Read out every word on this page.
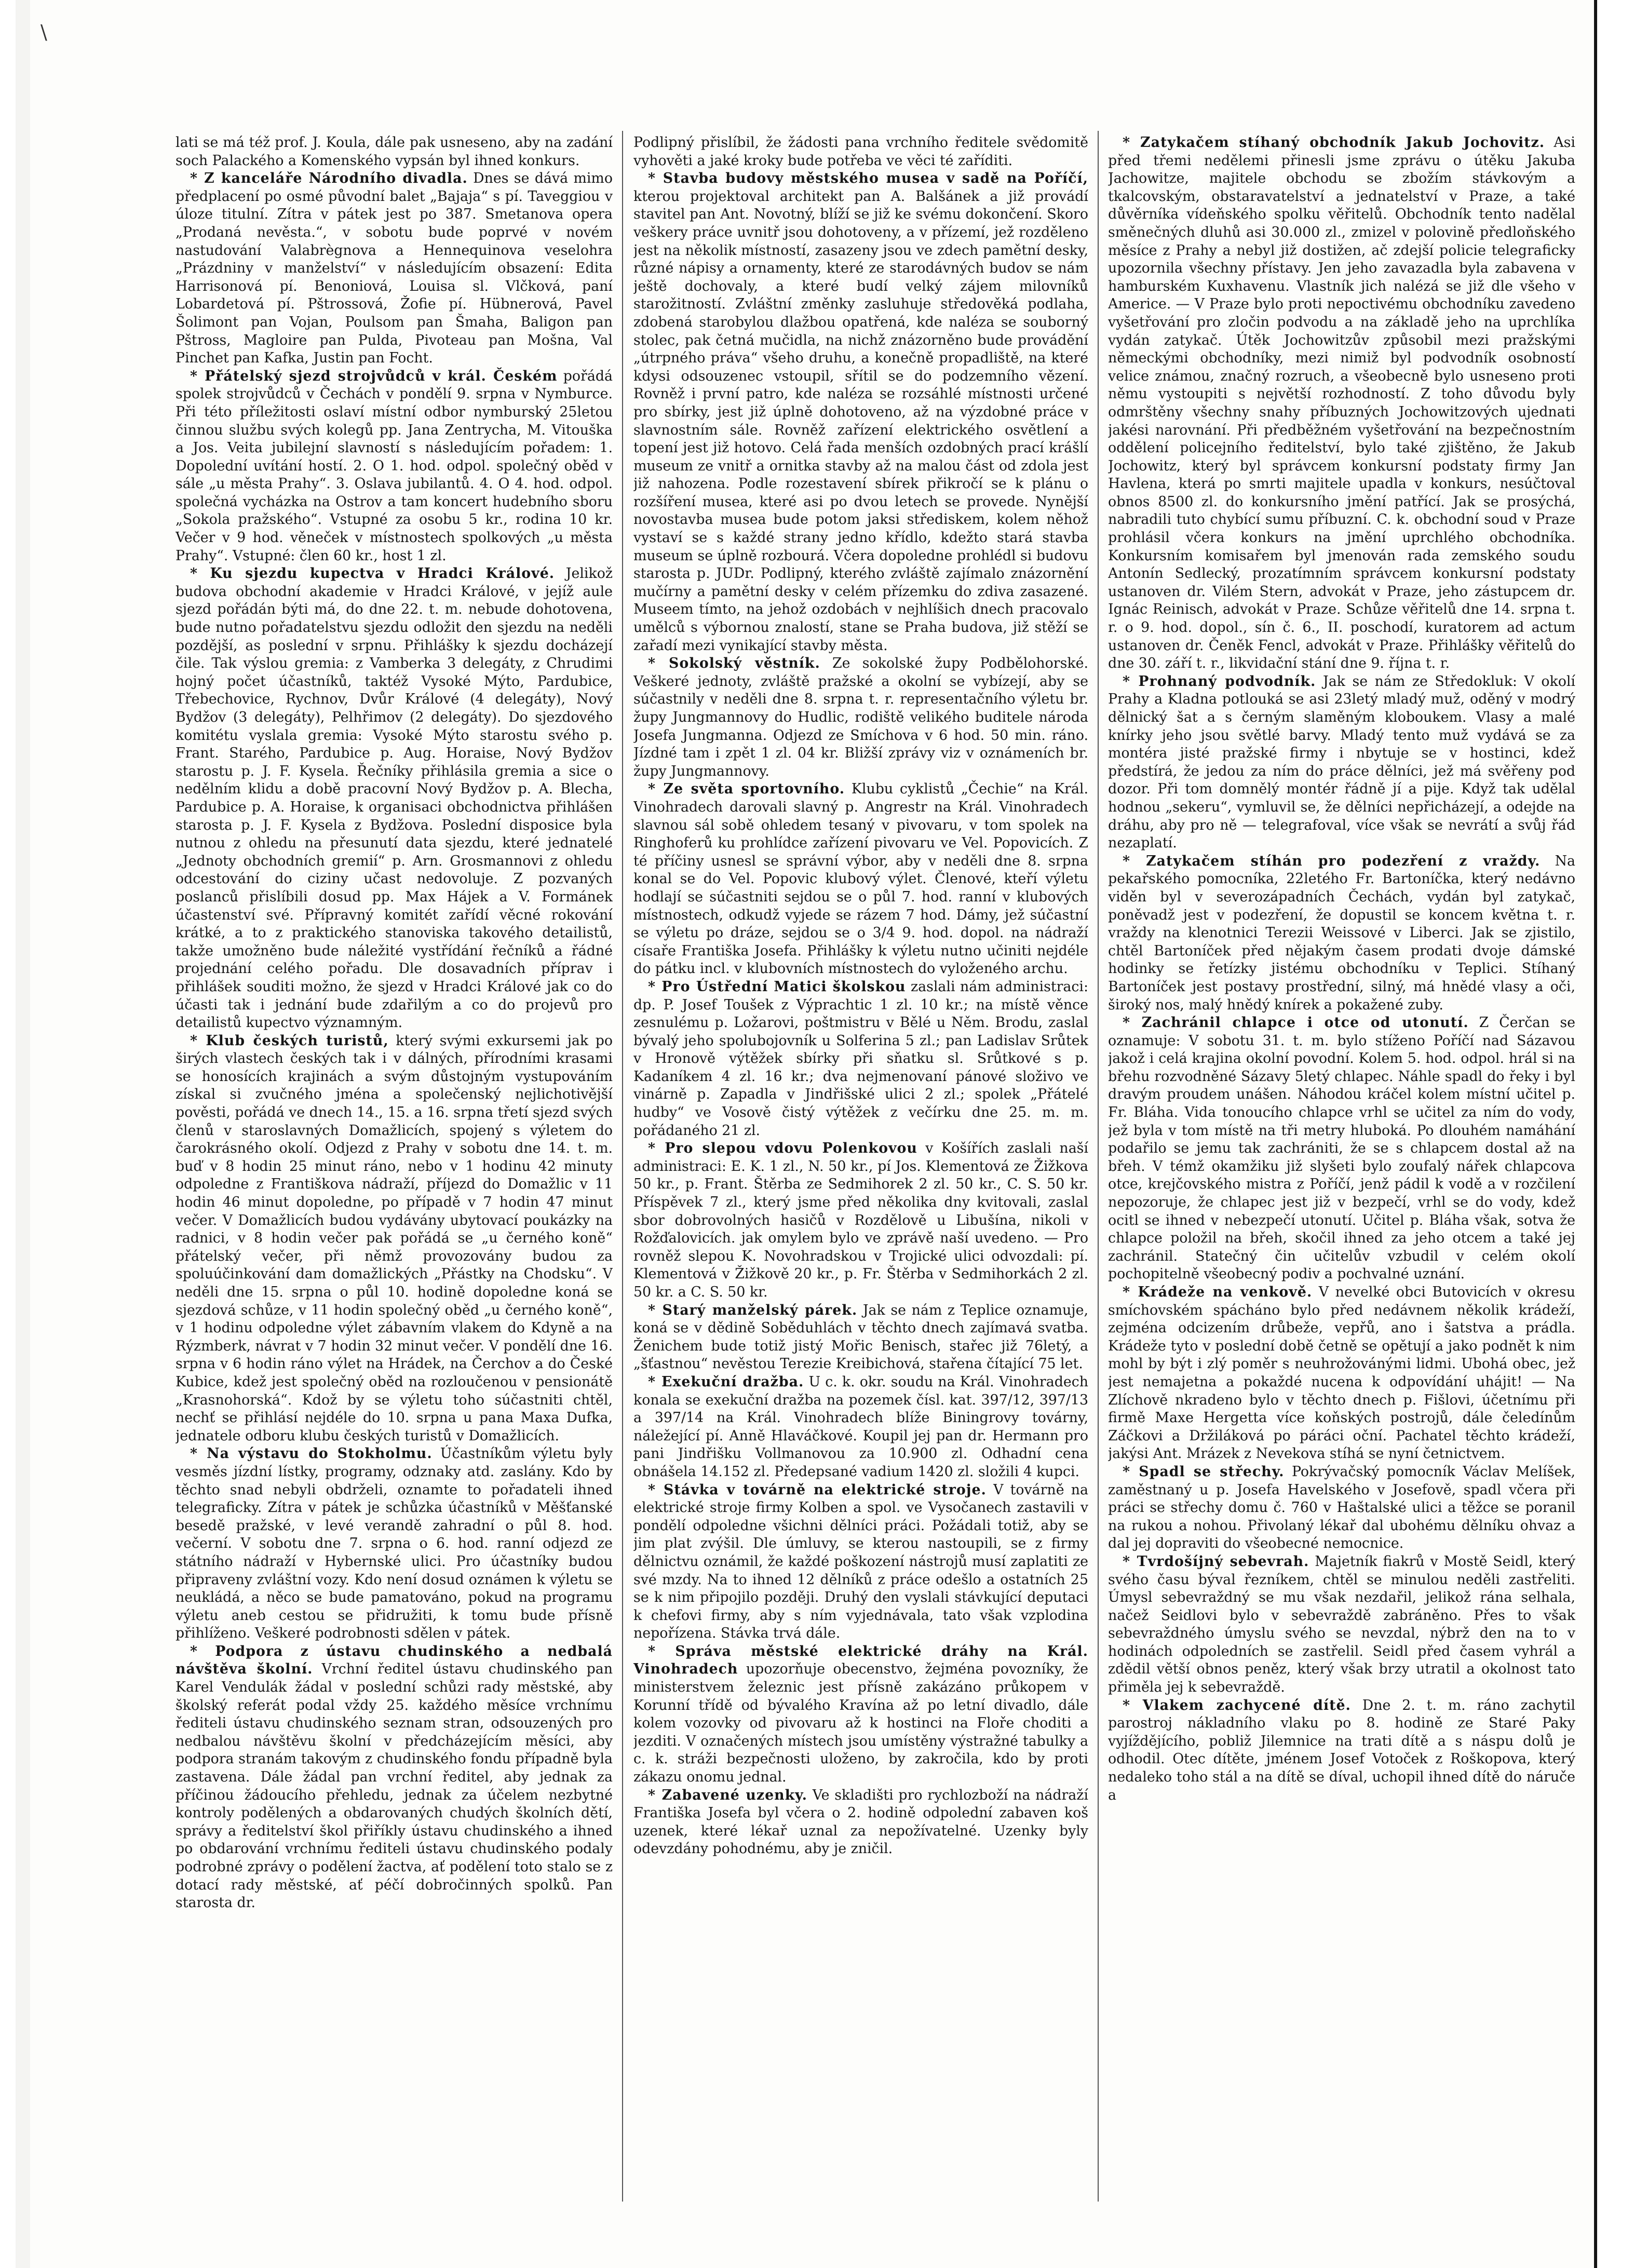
\

lati se má též prof. J. Koula, dále pak usneseno, aby na zadání soch Palackého a Komenského vypsán byl ihned konkurs.

* Z kanceláře Národního divadla. Dnes se dává mimo předplacení po osmé původní balet „Bajaja“ s pí. Taveggiou v úloze titulní. Zítra v pátek jest po 387. Smetanova opera „Prodaná nevěsta.“, v sobotu bude poprvé v novém nastudování Valabrègnova a Hennequinova veselohra „Prázdniny v manželství“ v následujícím obsazení: Edita Harrisonová pí. Benoniová, Louisa sl. Vlčková, paní Lobardetová pí. Pštrossová, Žofie pí. Hübnerová, Pavel Šolimont pan Vojan, Poulsom pan Šmaha, Baligon pan Pštross, Magloire pan Pulda, Pivoteau pan Mošna, Val Pinchet pan Kafka, Justin pan Focht.

* Přátelský sjezd strojvůdců v král. Českém pořádá spolek strojvůdců v Čechách v pondělí 9. srpna v Nymburce. Při této příležitosti oslaví místní odbor nymburský 25letou činnou službu svých kolegů pp. Jana Zentrycha, M. Vitouška a Jos. Veita jubilejní slavností s následujícím pořadem: 1. Dopolední uvítání hostí. 2. O 1. hod. odpol. společný oběd v sále „u města Prahy“. 3. Oslava jubilantů. 4. O 4. hod. odpol. společná vycházka na Ostrov a tam koncert hudebního sboru „Sokola pražského“. Vstupné za osobu 5 kr., rodina 10 kr. Večer v 9 hod. věneček v místnostech spolkových „u města Prahy“. Vstupné: člen 60 kr., host 1 zl.

* Ku sjezdu kupectva v Hradci Králové. Jelikož budova obchodní akademie v Hradci Králové, v jejíž aule sjezd pořádán býti má, do dne 22. t. m. nebude dohotovena, bude nutno pořadatelstvu sjezdu odložit den sjezdu na neděli pozdější, as poslední v srpnu. Přihlášky k sjezdu docházejí čile. Tak výslou gremia: z Vamberka 3 delegáty, z Chrudimi hojný počet účastníků, taktéž Vysoké Mýto, Pardubice, Třebechovice, Rychnov, Dvůr Králové (4 delegáty), Nový Bydžov (3 delegáty), Pelhřimov (2 delegáty). Do sjezdového komitétu vyslala gremia: Vysoké Mýto starostu svého p. Frant. Starého, Pardubice p. Aug. Horaise, Nový Bydžov starostu p. J. F. Kysela. Řečníky přihlásila gremia a sice o nedělním klidu a době pracovní Nový Bydžov p. A. Blecha, Pardubice p. A. Horaise, k organisaci obchodnictva přihlášen starosta p. J. F. Kysela z Bydžova. Poslední disposice byla nutnou z ohledu na přesunutí data sjezdu, které jednatelé „Jednoty obchodních gremií“ p. Arn. Grosmannovi z ohledu odcestování do ciziny učast nedovoluje. Z pozvaných poslanců přislíbili dosud pp. Max Hájek a V. Formánek účastenství své. Přípravný komitét zařídí věcné rokování krátké, a to z praktického stanoviska takového detailistů, takže umožněno bude náležité vystřídání řečníků a řádné projednání celého pořadu. Dle dosavadních příprav i přihlášek souditi možno, že sjezd v Hradci Králové jak co do účasti tak i jednání bude zdařilým a co do projevů pro detailistů kupectvo významným.

* Klub českých turistů, který svými exkursemi jak po širých vlastech českých tak i v dálných, přírodními krasami se honosících krajinách a svým důstojným vystupováním získal si zvučného jména a společenský nejlichotivější pověsti, pořádá ve dnech 14., 15. a 16. srpna třetí sjezd svých členů v staroslavných Domažlicích, spojený s výletem do čarokrásného okolí. Odjezd z Prahy v sobotu dne 14. t. m. buď v 8 hodin 25 minut ráno, nebo v 1 hodinu 42 minuty odpoledne z Františkova nádraží, příjezd do Domažlic v 11 hodin 46 minut dopoledne, po případě v 7 hodin 47 minut večer. V Domažlicích budou vydávány ubytovací poukázky na radnici, v 8 hodin večer pak pořádá se „u černého koně“ přátelský večer, při němž provozovány budou za spoluúčinkování dam domažlických „Přástky na Chodsku“. V neděli dne 15. srpna o půl 10. hodině dopoledne koná se sjezdová schůze, v 11 hodin společný oběd „u černého koně“, v 1 hodinu odpoledne výlet zábavním vlakem do Kdyně a na Rýzmberk, návrat v 7 hodin 32 minut večer. V pondělí dne 16. srpna v 6 hodin ráno výlet na Hrádek, na Čerchov a do České Kubice, kdež jest společný oběd na rozloučenou v pensionátě „Krasnohorská“. Kdož by se výletu toho súčastniti chtěl, nechť se přihlásí nejdéle do 10. srpna u pana Maxa Dufka, jednatele odboru klubu českých turistů v Domažlicích.

* Na výstavu do Stokholmu. Účastníkům výletu byly vesměs jízdní lístky, programy, odznaky atd. zaslány. Kdo by těchto snad nebyli obdrželi, oznamte to pořadateli ihned telegraficky. Zítra v pátek je schůzka účastníků v Měšťanské besedě pražské, v levé verandě zahradní o půl 8. hod. večerní. V sobotu dne 7. srpna o 6. hod. ranní odjezd ze státního nádraží v Hybernské ulici. Pro účastníky budou připraveny zvláštní vozy. Kdo není dosud oznámen k výletu se neukládá, a něco se bude pamatováno, pokud na programu výletu aneb cestou se přidružiti, k tomu bude přísně přihlíženo. Veškeré podrobnosti sdělen v pátek.

* Podpora z ústavu chudinského a nedbalá návštěva školní. Vrchní ředitel ústavu chudinského pan Karel Vendulák žádal v poslední schůzi rady městské, aby školský referát podal vždy 25. každého měsíce vrchnímu řediteli ústavu chudinského seznam stran, odsouzených pro nedbalou návštěvu školní v předcházejícím měsíci, aby podpora stranám takovým z chudinského fondu případně byla zastavena. Dále žádal pan vrchní ředitel, aby jednak za příčinou žádoucího přehledu, jednak za účelem nezbytné kontroly podělených a obdarovaných chudých školních dětí, správy a ředitelství škol přiříkly ústavu chudinského a ihned po obdarování vrchnímu řediteli ústavu chudinského podaly podrobné zprávy o podělení žactva, ať podělení toto stalo se z dotací rady městské, ať péčí dobročinných spolků. Pan starosta dr.

Podlipný přislíbil, že žádosti pana vrchního ředitele svědomitě vyhověti a jaké kroky bude potřeba ve věci té zaříditi.

* Stavba budovy městského musea v sadě na Poříčí, kterou projektoval architekt pan A. Balšánek a již provádí stavitel pan Ant. Novotný, blíží se již ke svému dokončení. Skoro veškery práce uvnitř jsou dohotoveny, a v přízemí, jež rozděleno jest na několik místností, zasazeny jsou ve zdech pamětní desky, různé nápisy a ornamenty, které ze starodávných budov se nám ještě dochovaly, a které budí velký zájem milovníků starožitností. Zvláštní změnky zasluhuje středověká podlaha, zdobená starobylou dlažbou opatřená, kde naléza se souborný stolec, pak četná mučidla, na nichž znázorněno bude provádění „útrpného práva“ všeho druhu, a konečně propadliště, na které kdysi odsouzenec vstoupil, sřítil se do podzemního vězení. Rovněž i první patro, kde naléza se rozsáhlé místnosti určené pro sbírky, jest již úplně dohotoveno, až na výzdobné práce v slavnostním sále. Rovněž zařízení elektrického osvětlení a topení jest již hotovo. Celá řada menších ozdobných prací krášlí museum ze vnitř a ornitka stavby až na malou část od zdola jest již nahozena. Podle rozestavení sbírek přikročí se k plánu o rozšíření musea, které asi po dvou letech se provede. Nynější novostavba musea bude potom jaksi střediskem, kolem něhož vystaví se s každé strany jedno křídlo, kdežto stará stavba museum se úplně rozbourá. Včera dopoledne prohlédl si budovu starosta p. JUDr. Podlipný, kterého zvláště zajímalo znázornění mučírny a pamětní desky v celém přízemku do zdiva zasazené. Museem tímto, na jehož ozdobách v nejhlíšich dnech pracovalo umělců s výbornou znalostí, stane se Praha budova, již stěží se zařadí mezi vynikající stavby města.

* Sokolský věstník. Ze sokolské župy Podbělohorské. Veškeré jednoty, zvláště pražské a okolní se vybízejí, aby se súčastnily v neděli dne 8. srpna t. r. representačního výletu br. župy Jungmannovy do Hudlic, rodiště velikého buditele národa Josefa Jungmanna. Odjezd ze Smíchova v 6 hod. 50 min. ráno. Jízdné tam i zpět 1 zl. 04 kr. Bližší zprávy viz v oznámeních br. župy Jungmannovy.

* Ze světa sportovního. Klubu cyklistů „Čechie“ na Král. Vinohradech darovali slavný p. Angrestr na Král. Vinohradech slavnou sál sobě ohledem tesaný v pivovaru, v tom spolek na Ringhoferů ku prohlídce zařízení pivovaru ve Vel. Popovicích. Z té příčiny usnesl se správní výbor, aby v neděli dne 8. srpna konal se do Vel. Popovic klubový výlet. Členové, kteří výletu hodlají se súčastniti sejdou se o půl 7. hod. ranní v klubových místnostech, odkudž vyjede se rázem 7 hod. Dámy, jež súčastní se výletu po dráze, sejdou se o 3/4 9. hod. dopol. na nádraží císaře Františka Josefa. Přihlášky k výletu nutno učiniti nejdéle do pátku incl. v klubovních místnostech do vyloženého archu.

* Pro Ústřední Matici školskou zaslali nám administraci: dp. P. Josef Toušek z Výprachtic 1 zl. 10 kr.; na místě věnce zesnulému p. Ložarovi, poštmistru v Bělé u Něm. Brodu, zaslal bývalý jeho spolubojovník u Solferina 5 zl.; pan Ladislav Srůtek v Hronově výtěžek sbírky při sňatku sl. Srůtkové s p. Kadaníkem 4 zl. 16 kr.; dva nejmenovaní pánové složivo ve vinárně p. Zapadla v Jindřišské ulici 2 zl.; spolek „Přátelé hudby“ ve Vosově čistý výtěžek z večírku dne 25. m. m. pořádaného 21 zl.

* Pro slepou vdovu Polenkovou v Košířích zaslali naší administraci: E. K. 1 zl., N. 50 kr., pí Jos. Klementová ze Žižkova 50 kr., p. Frant. Štěrba ze Sedmihorek 2 zl. 50 kr., C. S. 50 kr. Příspěvek 7 zl., který jsme před několika dny kvitovali, zaslal sbor dobrovolných hasičů v Rozdělově u Libušína, nikoli v Rožďalovicích. jak omylem bylo ve zprávě naší uvedeno. — Pro rovněž slepou K. Novohradskou v Trojické ulici odvozdali: pí. Klementová v Žižkově 20 kr., p. Fr. Štěrba v Sedmihorkách 2 zl. 50 kr. a C. S. 50 kr.

* Starý manželský párek. Jak se nám z Teplice oznamuje, koná se v dědině Soběduhlách v těchto dnech zajímavá svatba. Ženichem bude totiž jistý Mořic Benisch, stařec již 76letý, a „šťastnou“ nevěstou Terezie Kreibichová, stařena čítající 75 let.

* Exekuční dražba. U c. k. okr. soudu na Král. Vinohradech konala se exekuční dražba na pozemek čísl. kat. 397/12, 397/13 a 397/14 na Král. Vinohradech blíže Biningrovy továrny, náležející pí. Anně Hlaváčkové. Koupil jej pan dr. Hermann pro pani Jindřišku Vollmanovou za 10.900 zl. Odhadní cena obnášela 14.152 zl. Předepsané vadium 1420 zl. složili 4 kupci.

* Stávka v továrně na elektrické stroje. V továrně na elektrické stroje firmy Kolben a spol. ve Vysočanech zastavili v pondělí odpoledne všichni dělníci práci. Požádali totiž, aby se jim plat zvýšil. Dle úmluvy, se kterou nastoupili, se z firmy dělnictvu oznámil, že každé poškození nástrojů musí zaplatiti ze své mzdy. Na to ihned 12 dělníků z práce odešlo a ostatních 25 se k nim připojilo později. Druhý den vyslali stávkující deputaci k chefovi firmy, aby s ním vyjednávala, tato však vzplodina nepořízena. Stávka trvá dále.

* Správa městské elektrické dráhy na Král. Vinohradech upozorňuje obecenstvo, žejména povozníky, že ministerstvem železnic jest přísně zakázáno průkopem v Korunní třídě od bývalého Kravína až po letní divadlo, dále kolem vozovky od pivovaru až k hostinci na Floře choditi a jezditi. V označených místech jsou umístěny výstražné tabulky a c. k. stráži bezpečnosti uloženo, by zakročila, kdo by proti zákazu onomu jednal.

* Zabavené uzenky. Ve skladišti pro rychlozboží na nádraží Františka Josefa byl včera o 2. hodině odpolední zabaven koš uzenek, které lékař uznal za nepožívatelné. Uzenky byly odevzdány pohodnému, aby je zničil.

* Zatykačem stíhaný obchodník Jakub Jochovitz. Asi před třemi nedělemi přinesli jsme zprávu o útěku Jakuba Jachowitze, majitele obchodu se zbožím stávkovým a tkalcovským, obstaravatelství a jednatelství v Praze, a také důvěrníka vídeňského spolku věřitelů. Obchodník tento nadělal směnečných dluhů asi 30.000 zl., zmizel v polovině předloňského měsíce z Prahy a nebyl již dostižen, ač zdejší policie telegraficky upozornila všechny přístavy. Jen jeho zavazadla byla zabavena v hamburském Kuxhavenu. Vlastník jich nalézá se již dle všeho v Americe. — V Praze bylo proti nepoctivému obchodníku zavedeno vyšetřování pro zločin podvodu a na základě jeho na uprchlíka vydán zatykač. Útěk Jochowitzův způsobil mezi pražskými německými obchodníky, mezi nimiž byl podvodník osobností velice známou, značný rozruch, a všeobecně bylo usneseno proti němu vystoupiti s největší rozhodností. Z toho důvodu byly odmrštěny všechny snahy příbuzných Jochowitzových ujednati jakési narovnání. Při předběžném vyšetřování na bezpečnostním oddělení policejního ředitelství, bylo také zjištěno, že Jakub Jochowitz, který byl správcem konkursní podstaty firmy Jan Havlena, která po smrti majitele upadla v konkurs, nesúčtoval obnos 8500 zl. do konkursního jmění patřící. Jak se prosýchá, nabradili tuto chybící sumu příbuzní. C. k. obchodní soud v Praze prohlásil včera konkurs na jmění uprchlého obchodníka. Konkursním komisařem byl jmenován rada zemského soudu Antonín Sedlecký, prozatímním správcem konkursní podstaty ustanoven dr. Vilém Stern, advokát v Praze, jeho zástupcem dr. Ignác Reinisch, advokát v Praze. Schůze věřitelů dne 14. srpna t. r. o 9. hod. dopol., sín č. 6., II. poschodí, kuratorem ad actum ustanoven dr. Čeněk Fencl, advokát v Praze. Přihlášky věřitelů do dne 30. září t. r., likvidační stání dne 9. října t. r.

* Prohnaný podvodník. Jak se nám ze Středokluk: V okolí Prahy a Kladna potlouká se asi 23letý mladý muž, oděný v modrý dělnický šat a s černým slaměným kloboukem. Vlasy a malé knírky jeho jsou světlé barvy. Mladý tento muž vydává se za montéra jisté pražské firmy i nbytuje se v hostinci, kdež předstírá, že jedou za ním do práce dělníci, jež má svěřeny pod dozor. Při tom domnělý montér řádně jí a pije. Když tak udělal hodnou „sekeru“, vymluvil se, že dělníci nepřicházejí, a odejde na dráhu, aby pro ně — telegrafoval, více však se nevrátí a svůj řád nezaplatí.

* Zatykačem stíhán pro podezření z vraždy. Na pekařského pomocníka, 22letého Fr. Bartoníčka, který nedávno viděn byl v severozápadních Čechách, vydán byl zatykač, poněvadž jest v podezření, že dopustil se koncem května t. r. vraždy na klenotnici Terezii Weissové v Liberci. Jak se zjistilo, chtěl Bartoníček před nějakým časem prodati dvoje dámské hodinky se řetízky jistému obchodníku v Teplici. Stíhaný Bartoníček jest postavy prostřední, silný, má hnědé vlasy a oči, široký nos, malý hnědý knírek a pokažené zuby.

* Zachránil chlapce i otce od utonutí. Z Čerčan se oznamuje: V sobotu 31. t. m. bylo stíženo Poříčí nad Sázavou jakož i celá krajina okolní povodní. Kolem 5. hod. odpol. hrál si na břehu rozvodněné Sázavy 5letý chlapec. Náhle spadl do řeky i byl dravým proudem unášen. Náhodou kráčel kolem místní učitel p. Fr. Bláha. Vida tonoucího chlapce vrhl se učitel za ním do vody, jež byla v tom místě na tři metry hluboká. Po dlouhém namáhání podařilo se jemu tak zachrániti, že se s chlapcem dostal až na břeh. V témž okamžiku již slyšeti bylo zoufalý nářek chlapcova otce, krejčovského mistra z Poříčí, jenž pádil k vodě a v rozčilení nepozoruje, že chlapec jest již v bezpečí, vrhl se do vody, kdež ocitl se ihned v nebezpečí utonutí. Učitel p. Bláha však, sotva že chlapce položil na břeh, skočil ihned za jeho otcem a také jej zachránil. Statečný čin učitelův vzbudil v celém okolí pochopitelně všeobecný podiv a pochvalné uznání.

* Krádeže na venkově. V nevelké obci Butovicích v okresu smíchovském spácháno bylo před nedávnem několik krádeží, zejména odcizením drůbeže, vepřů, ano i šatstva a prádla. Krádeže tyto v poslední době četně se opětují a jako podnět k nim mohl by být i zlý poměr s neuhrožovánými lidmi. Ubohá obec, jež jest nemajetna a pokaždé nucena k odpovídání uhájit! — Na Zlíchově nkradeno bylo v těchto dnech p. Fišlovi, účetnímu při firmě Maxe Hergetta více koňských postrojů, dále čeledínům Záčkovi a Držiláková po páráci oční. Pachatel těchto krádeží, jakýsi Ant. Mrázek z Nevekova stíhá se nyní četnictvem.

* Spadl se střechy. Pokrývačský pomocník Václav Melíšek, zaměstnaný u p. Josefa Havelského v Josefově, spadl včera při práci se střechy domu č. 760 v Haštalské ulici a těžce se poranil na rukou a nohou. Přivolaný lékař dal ubohému dělníku ohvaz a dal jej dopraviti do všeobecné nemocnice.

* Tvrdošíjný sebevrah. Majetník fiakrů v Mostě Seidl, který svého času býval řezníkem, chtěl se minulou neděli zastřeliti. Úmysl sebevraždný se mu však nezdařil, jelikož rána selhala, načež Seidlovi bylo v sebevraždě zabráněno. Přes to však sebevraždného úmyslu svého se nevzdal, nýbrž den na to v hodinách odpoledních se zastřelil. Seidl před časem vyhrál a zdědil větší obnos peněz, který však brzy utratil a okolnost tato přiměla jej k sebevraždě.

* Vlakem zachycené dítě. Dne 2. t. m. ráno zachytil parostroj nákladního vlaku po 8. hodině ze Staré Paky vyjíždějícího, pobliž Jilemnice na trati dítě a s náspu dolů je odhodil. Otec dítěte, jménem Josef Votoček z Roškopova, který nedaleko toho stál a na dítě se díval, uchopil ihned dítě do náruče a
